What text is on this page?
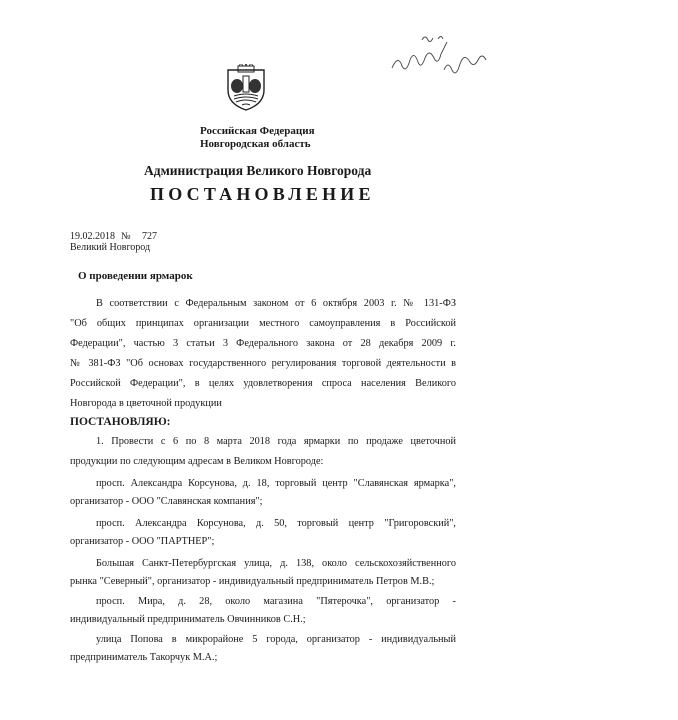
Российская Федерация
Новгородская область
Администрация Великого Новгорода
ПОСТАНОВЛЕНИЕ
19.02.2018 № 727
Великий Новгород
О проведении ярмарок
В соответствии с Федеральным законом от 6 октября 2003 г. № 131-ФЗ
"Об общих принципах организации местного самоуправления в Российской
Федерации", частью 3 статьи 3 Федерального закона от 28 декабря 2009 г.
№ 381-ФЗ "Об основах государственного регулирования торговой деятельности в
Российской Федерации", в целях удовлетворения спроса населения Великого
Новгорода в цветочной продукции
ПОСТАНОВЛЯЮ:
1. Провести с 6 по 8 марта 2018 года ярмарки по продаже цветочной
продукции по следующим адресам в Великом Новгороде:
просп. Александра Корсунова, д. 18, торговый центр "Славянская ярмарка",
организатор - ООО "Славянская компания";
просп. Александра Корсунова, д. 50, торговый центр "Григоровский",
организатор - ООО "ПАРТНЕР";
Большая Санкт-Петербургская улица, д. 138, около сельскохозяйственного
рынка "Северный", организатор - индивидуальный предприниматель Петров М.В.;
просп. Мира, д. 28, около магазина "Пятерочка", организатор -
индивидуальный предприниматель Овчинников С.Н.;
улица Попова в микрорайоне 5 города, организатор - индивидуальный
предприниматель Такорчук М.А.;
